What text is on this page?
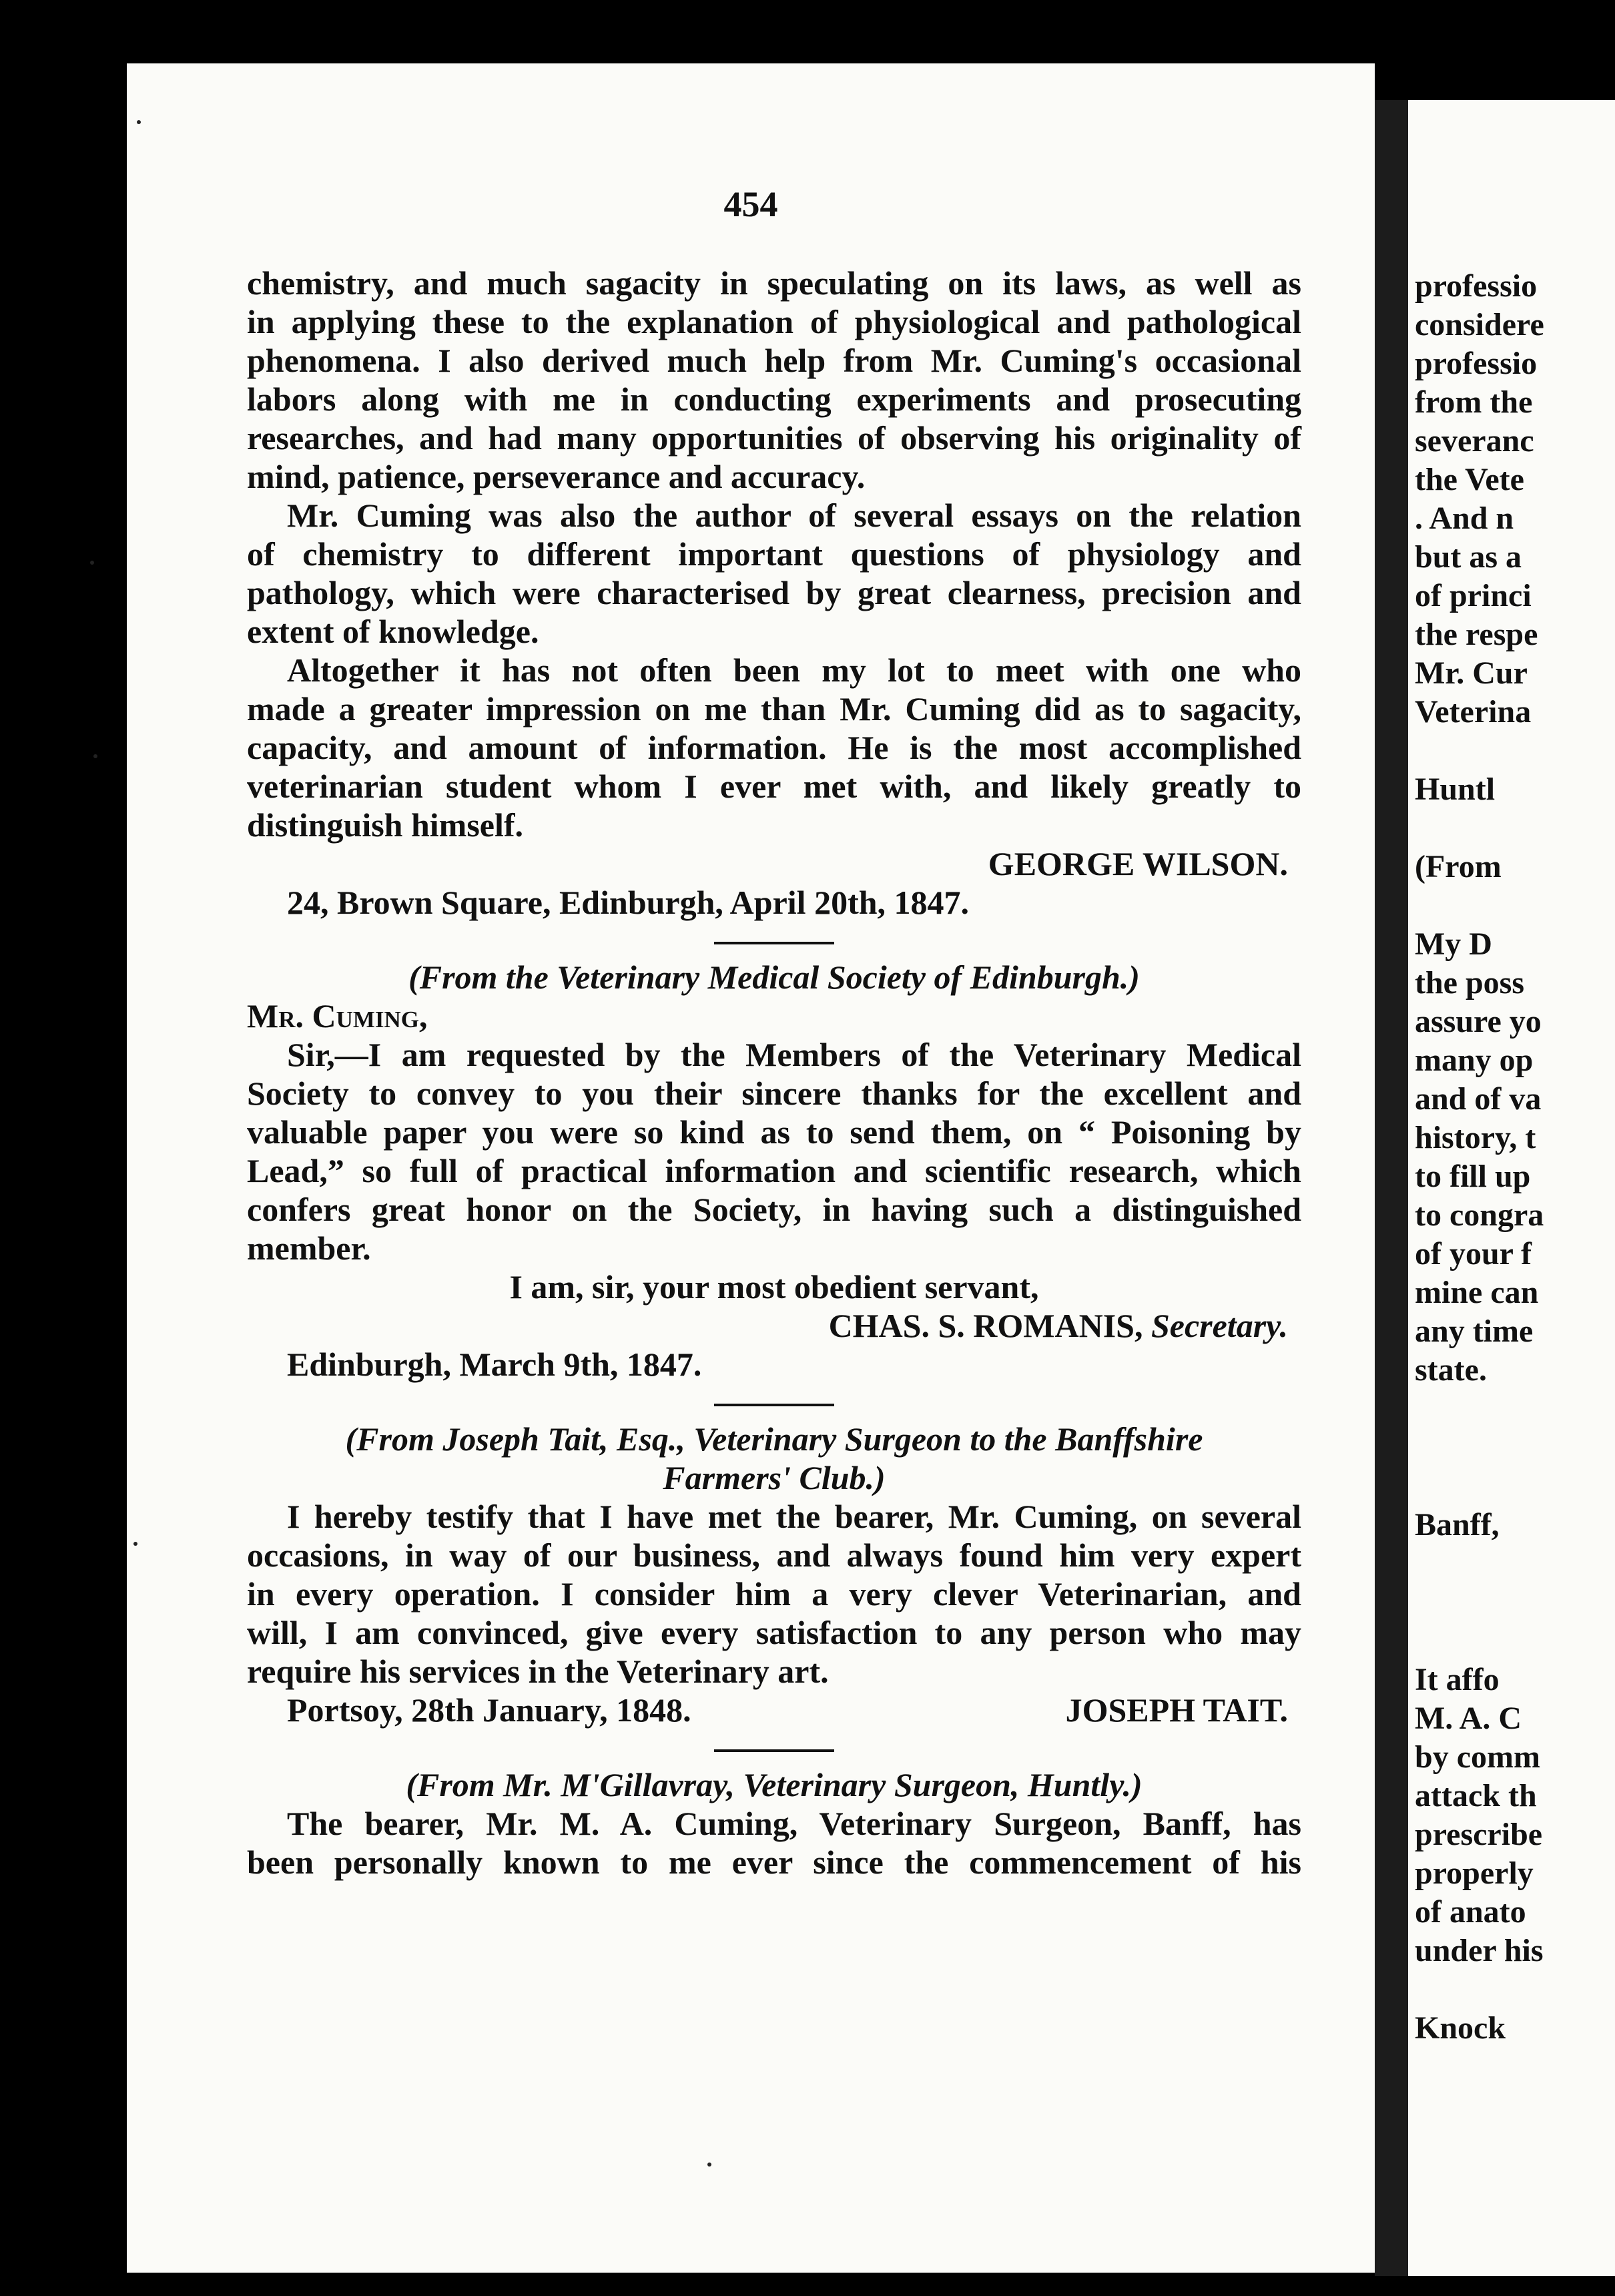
454
chemistry, and much sagacity in speculating on its laws, as well as
in applying these to the explanation of physiological and pathological
phenomena. I also derived much help from Mr. Cuming's occasional
labors along with me in conducting experiments and prosecuting
researches, and had many opportunities of observing his originality of
mind, patience, perseverance and accuracy.
Mr. Cuming was also the author of several essays on the relation
of chemistry to different important questions of physiology and
pathology, which were characterised by great clearness, precision and
extent of knowledge.
Altogether it has not often been my lot to meet with one who
made a greater impression on me than Mr. Cuming did as to sagacity,
capacity, and amount of information. He is the most accomplished
veterinarian student whom I ever met with, and likely greatly to
distinguish himself.
GEORGE WILSON.
24, Brown Square, Edinburgh, April 20th, 1847.
(From the Veterinary Medical Society of Edinburgh.)
Mr. Cuming,
Sir,—I am requested by the Members of the Veterinary Medical
Society to convey to you their sincere thanks for the excellent and
valuable paper you were so kind as to send them, on “ Poisoning by
Lead,” so full of practical information and scientific research, which
confers great honor on the Society, in having such a distinguished
member.
I am, sir, your most obedient servant,
CHAS. S. ROMANIS, Secretary.
Edinburgh, March 9th, 1847.
(From Joseph Tait, Esq., Veterinary Surgeon to the Banffshire
Farmers' Club.)
I hereby testify that I have met the bearer, Mr. Cuming, on several
occasions, in way of our business, and always found him very expert
in every operation. I consider him a very clever Veterinarian, and
will, I am convinced, give every satisfaction to any person who may
require his services in the Veterinary art.
Portsoy, 28th January, 1848.	JOSEPH TAIT.
(From Mr. M'Gillavray, Veterinary Surgeon, Huntly.)
The bearer, Mr. M. A. Cuming, Veterinary Surgeon, Banff, has
been personally known to me ever since the commencement of his
professio
considere
professio
from the
severanc
the Vete
. And n
but as a
of princi
the respe
Mr. Cur
Veterina
Huntl
(From
My D
the poss
assure yo
many op
and of va
history, t
to fill up
to congra
of your f
mine can
any time
state.
Banff,
It affo
M. A. C
by comm
attack th
prescribe
properly
of anato
under his
Knock
